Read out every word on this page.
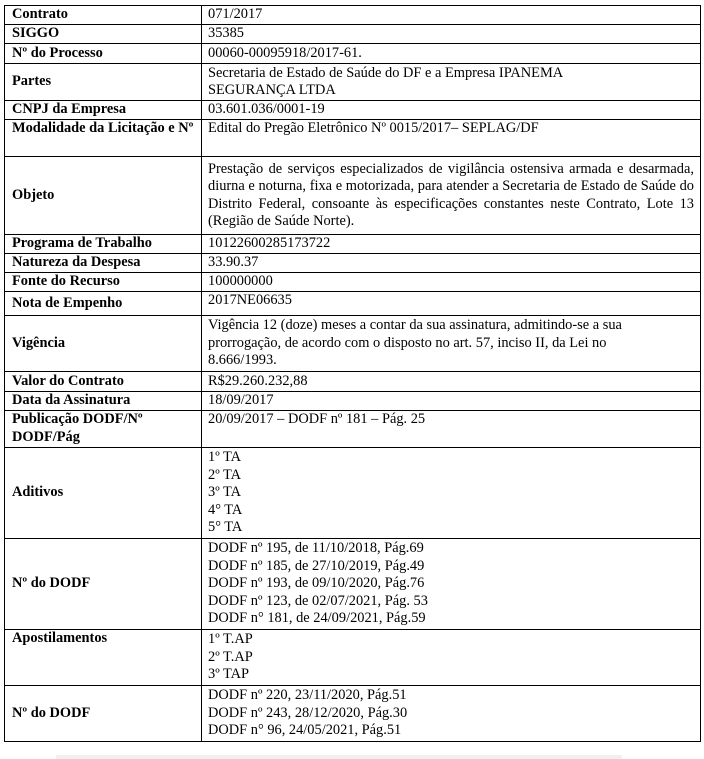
Contrato	071/2017

SIGGO	35385

Nº do Processo	00060-00095918/2017-61.

Partes	Secretaria de Estado de Saúde do DF e a Empresa IPANEMA
SEGURANÇA LTDA

CNPJ da Empresa	03.601.036/0001-19

Modalidade da Licitação e Nº	Edital do Pregão Eletrônico Nº 0015/2017– SEPLAG/DF

Objeto	Prestação de serviços especializados de vigilância ostensiva armada e desarmada, diurna e noturna, fixa e motorizada, para atender a Secretaria de Estado de Saúde do Distrito Federal, consoante às especificações constantes neste Contrato, Lote 13 (Região de Saúde Norte).

Programa de Trabalho	10122600285173722

Natureza da Despesa	33.90.37

Fonte do Recurso	100000000

Nota de Empenho	2017NE06635

Vigência	Vigência 12 (doze) meses a contar da sua assinatura, admitindo-se a sua
prorrogação, de acordo com o disposto no art. 57, inciso II, da Lei no
8.666/1993.

Valor do Contrato	R$29.260.232,88

Data da Assinatura	18/09/2017

Publicação DODF/Nº DODF/Pág	20/09/2017 – DODF nº 181 – Pág. 25

Aditivos	1º TA
2º TA
3º TA
4° TA
5° TA

Nº do DODF	DODF nº 195, de 11/10/2018, Pág.69
DODF nº 185, de 27/10/2019, Pág.49
DODF nº 193, de 09/10/2020, Pág.76
DODF nº 123, de 02/07/2021, Pág. 53
DODF n° 181, de 24/09/2021, Pág.59

Apostilamentos	1º T.AP
2º T.AP
3º TAP

Nº do DODF	DODF nº 220, 23/11/2020, Pág.51
DODF nº 243, 28/12/2020, Pág.30
DODF n° 96, 24/05/2021, Pág.51
